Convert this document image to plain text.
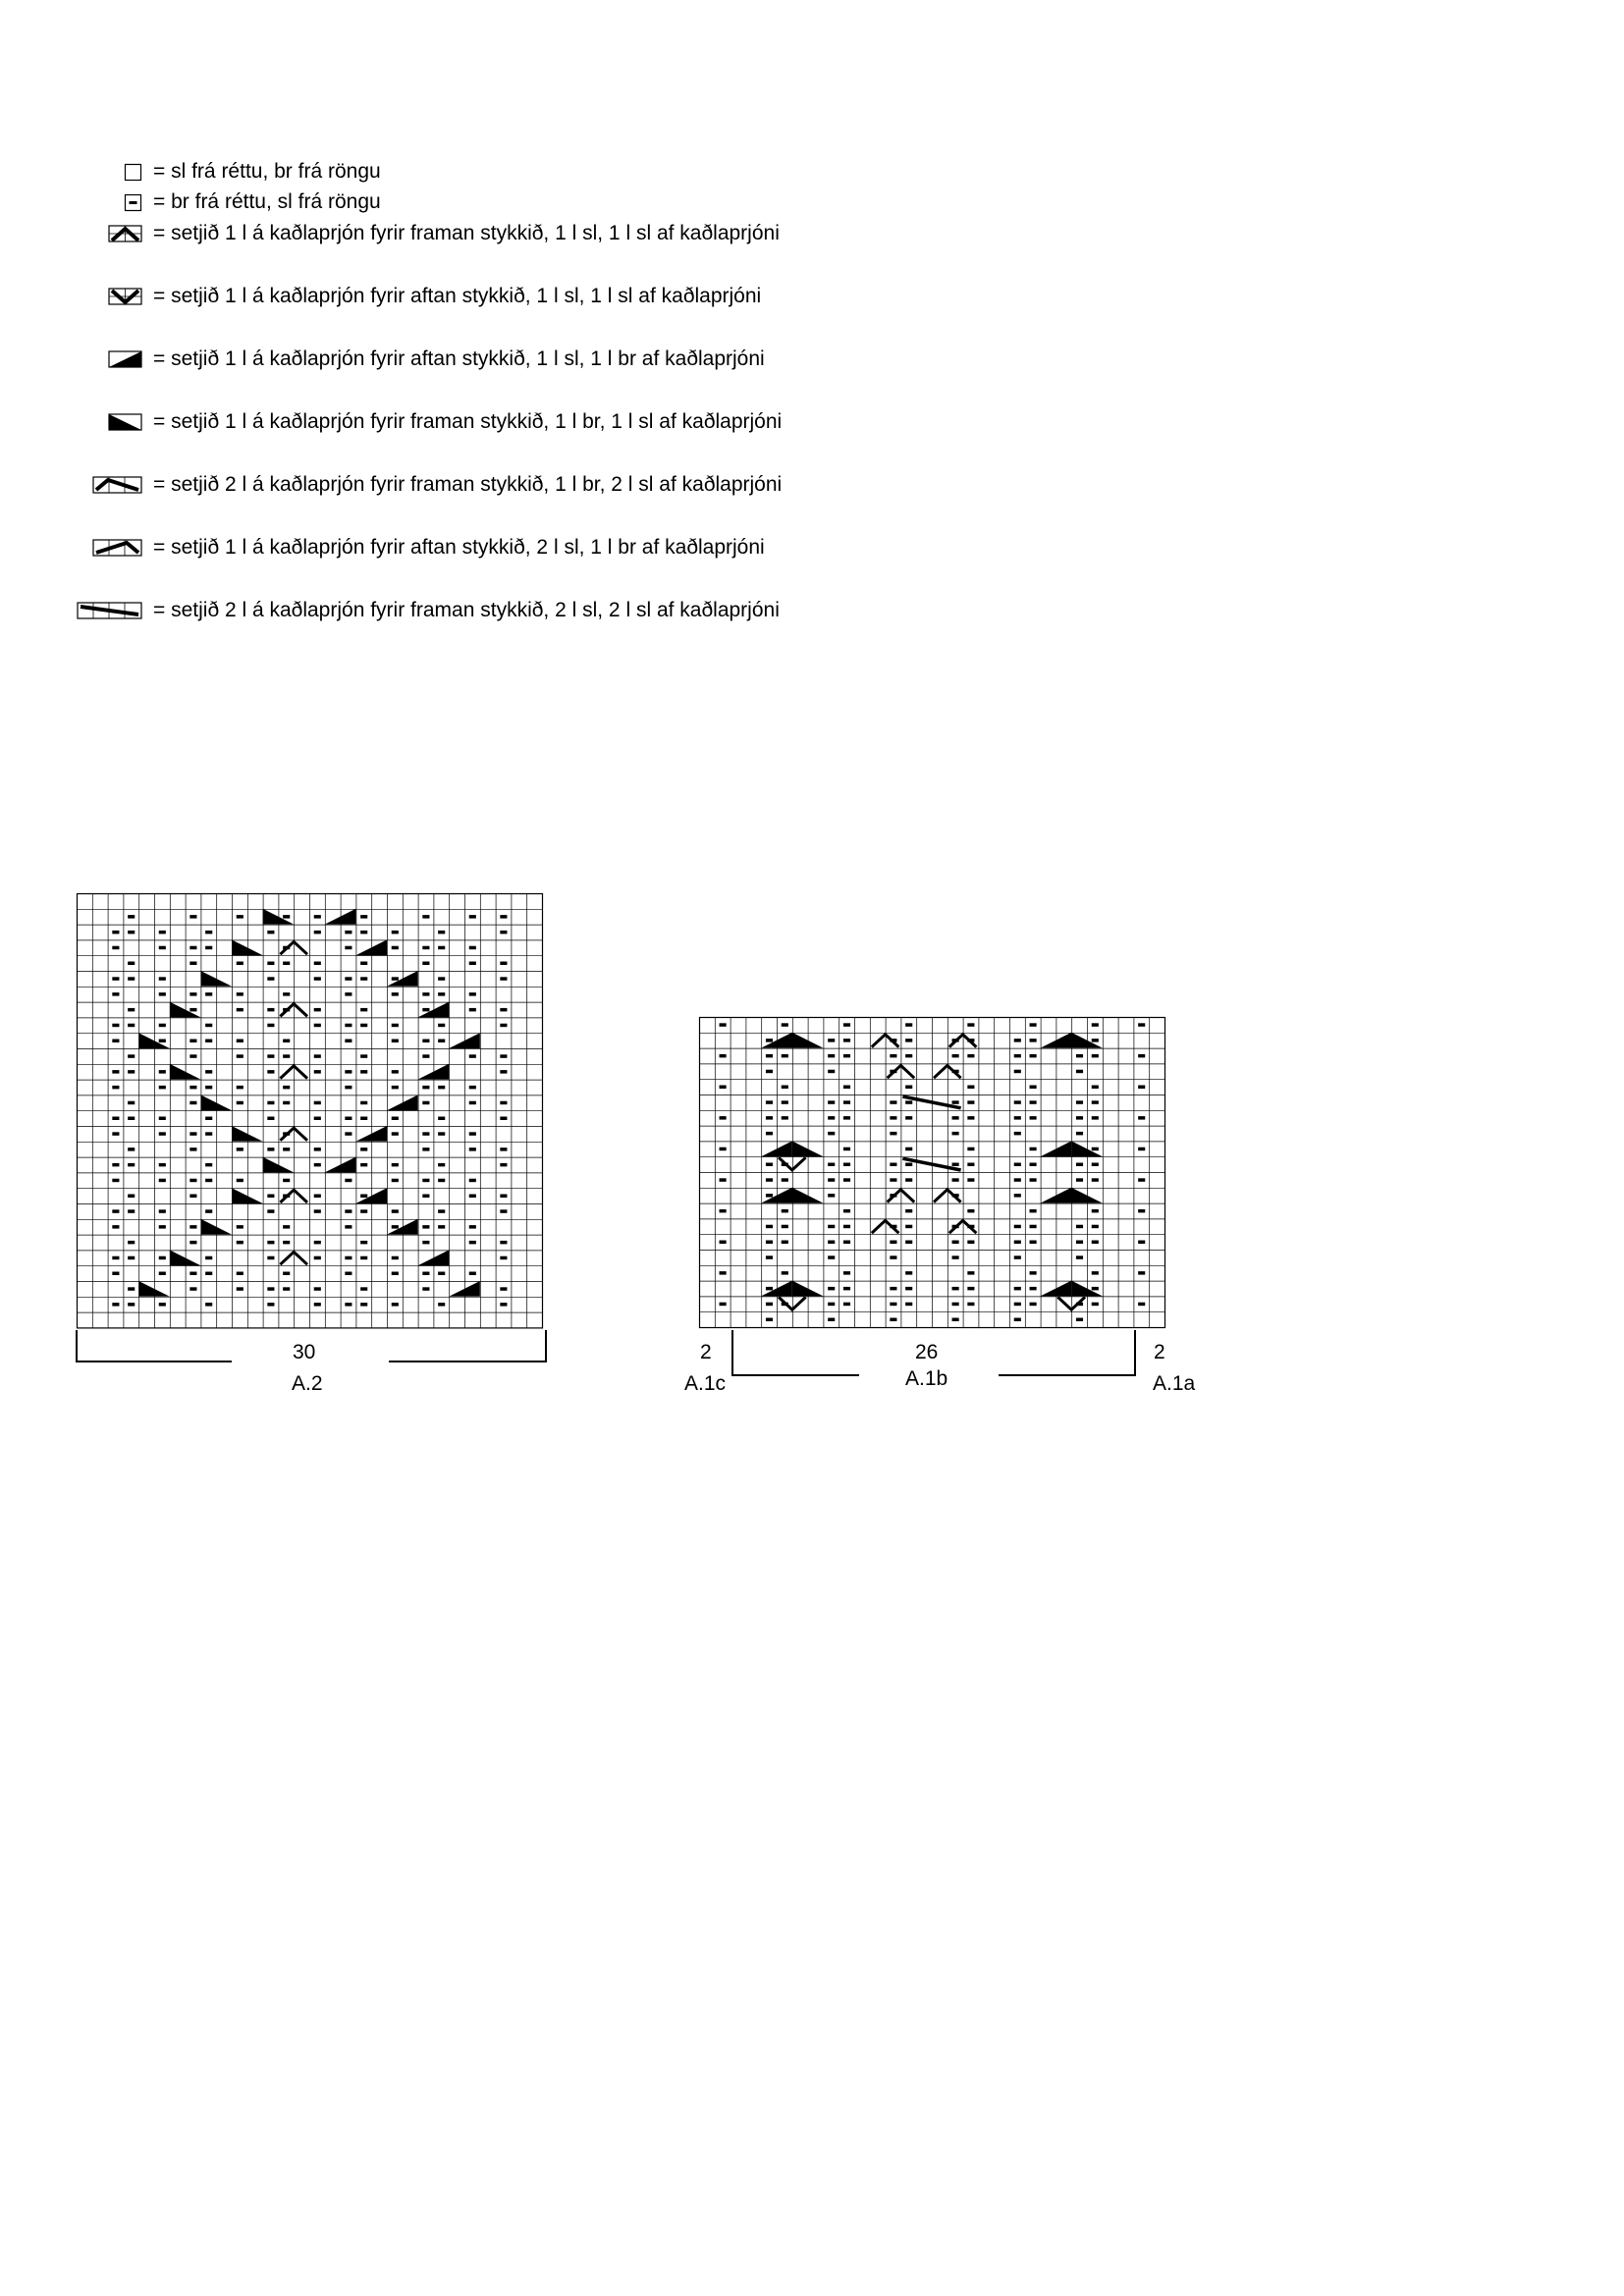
= sl frá réttu, br frá röngu
= br frá réttu, sl frá röngu
= setjið 1 l á kaðlaprjón fyrir framan stykkið, 1 l sl, 1 l sl af kaðlaprjóni
= setjið 1 l á kaðlaprjón fyrir aftan stykkið, 1 l sl, 1 l sl af kaðlaprjóni
= setjið 1 l á kaðlaprjón fyrir aftan stykkið, 1 l sl, 1 l br af kaðlaprjóni
= setjið 1 l á kaðlaprjón fyrir framan stykkið, 1 l br, 1 l sl af kaðlaprjóni
= setjið 2 l á kaðlaprjón fyrir framan stykkið, 1 l br, 2 l sl af kaðlaprjóni
= setjið 1 l á kaðlaprjón fyrir aftan stykkið, 2 l sl, 1 l br af kaðlaprjóni
= setjið 2 l á kaðlaprjón fyrir framan stykkið, 2 l sl, 2 l sl af kaðlaprjóni
30
A.2
2
A.1c
26
A.1b
2
A.1a
